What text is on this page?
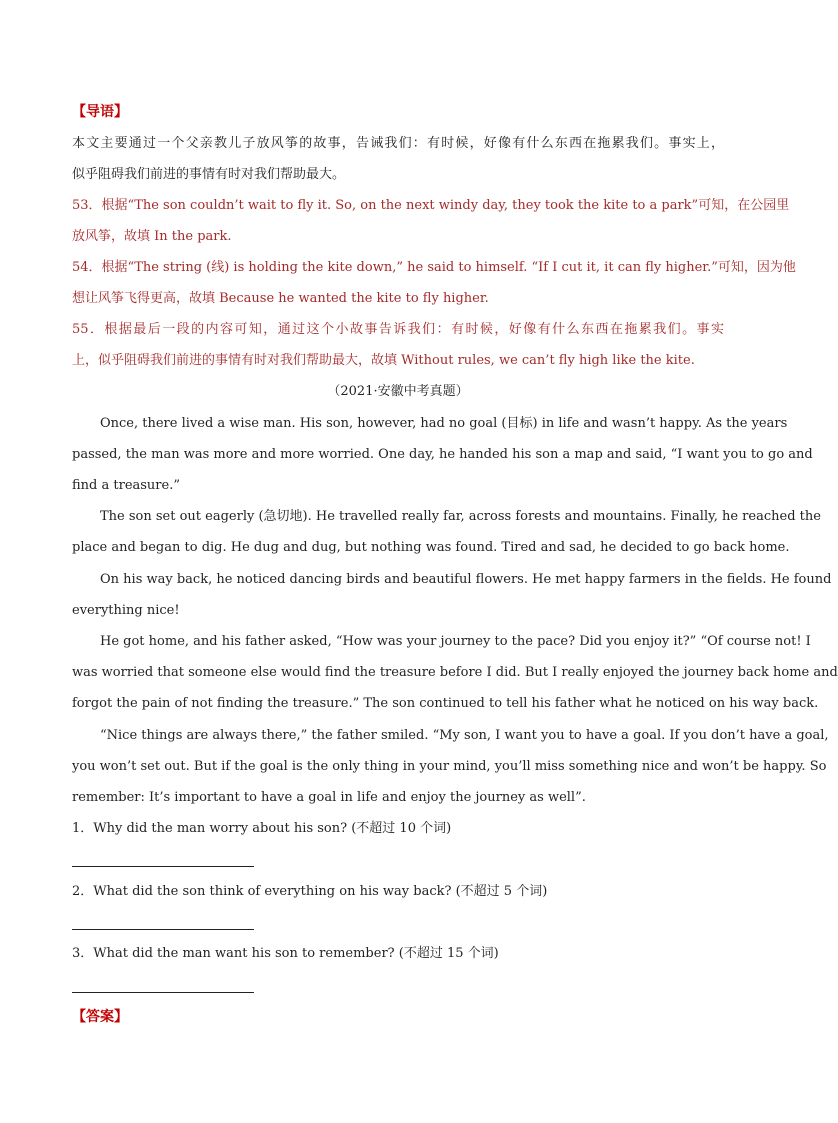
【导语】
本文主要通过一个父亲教儿子放风筝的故事，告诫我们：有时候，好像有什么东西在拖累我们。事实上，
似乎阻碍我们前进的事情有时对我们帮助最大。
53．根据“The son couldn’t wait to fly it. So, on the next windy day, they took the kite to a park”可知，在公园里
放风筝，故填 In the park.
54．根据“The string (线) is holding the kite down,” he said to himself. “If I cut it, it can fly higher.”可知，因为他
想让风筝飞得更高，故填 Because he wanted the kite to fly higher.
55．根据最后一段的内容可知，通过这个小故事告诉我们：有时候，好像有什么东西在拖累我们。事实
上，似乎阻碍我们前进的事情有时对我们帮助最大，故填 Without rules, we can’t fly high like the kite.
（2021·安徽中考真题）
Once, there lived a wise man. His son, however, had no goal (目标) in life and wasn’t happy. As the years
passed, the man was more and more worried. One day, he handed his son a map and said, “I want you to go and
find a treasure.”
The son set out eagerly (急切地). He travelled really far, across forests and mountains. Finally, he reached the
place and began to dig. He dug and dug, but nothing was found. Tired and sad, he decided to go back home.
On his way back, he noticed dancing birds and beautiful flowers. He met happy farmers in the fields. He found
everything nice!
He got home, and his father asked, “How was your journey to the pace? Did you enjoy it?” “Of course not! I
was worried that someone else would find the treasure before I did. But I really enjoyed the journey back home and
forgot the pain of not finding the treasure.” The son continued to tell his father what he noticed on his way back.
“Nice things are always there,” the father smiled. “My son, I want you to have a goal. If you don’t have a goal,
you won’t set out. But if the goal is the only thing in your mind, you’ll miss something nice and won’t be happy. So
remember: It’s important to have a goal in life and enjoy the journey as well”.
1．Why did the man worry about his son? (不超过 10 个词)
2．What did the son think of everything on his way back? (不超过 5 个词)
3．What did the man want his son to remember? (不超过 15 个词)
【答案】
